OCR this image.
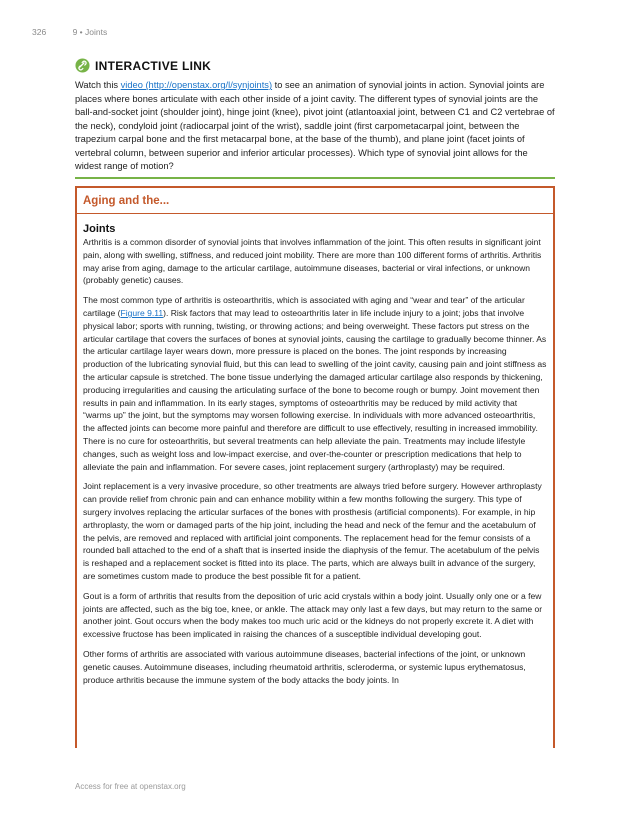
326	9 • Joints
INTERACTIVE LINK

Watch this video (http://openstax.org/l/synjoints) to see an animation of synovial joints in action. Synovial joints are places where bones articulate with each other inside of a joint cavity. The different types of synovial joints are the ball-and-socket joint (shoulder joint), hinge joint (knee), pivot joint (atlantoaxial joint, between C1 and C2 vertebrae of the neck), condyloid joint (radiocarpal joint of the wrist), saddle joint (first carpometacarpal joint, between the trapezium carpal bone and the first metacarpal bone, at the base of the thumb), and plane joint (facet joints of vertebral column, between superior and inferior articular processes). Which type of synovial joint allows for the widest range of motion?

Aging and the...
Joints

Arthritis is a common disorder of synovial joints that involves inflammation of the joint. This often results in significant joint pain, along with swelling, stiffness, and reduced joint mobility. There are more than 100 different forms of arthritis. Arthritis may arise from aging, damage to the articular cartilage, autoimmune diseases, bacterial or viral infections, or unknown (probably genetic) causes.

The most common type of arthritis is osteoarthritis, which is associated with aging and “wear and tear” of the articular cartilage (Figure 9.11). Risk factors that may lead to osteoarthritis later in life include injury to a joint; jobs that involve physical labor; sports with running, twisting, or throwing actions; and being overweight. These factors put stress on the articular cartilage that covers the surfaces of bones at synovial joints, causing the cartilage to gradually become thinner. As the articular cartilage layer wears down, more pressure is placed on the bones. The joint responds by increasing production of the lubricating synovial fluid, but this can lead to swelling of the joint cavity, causing pain and joint stiffness as the articular capsule is stretched. The bone tissue underlying the damaged articular cartilage also responds by thickening, producing irregularities and causing the articulating surface of the bone to become rough or bumpy. Joint movement then results in pain and inflammation. In its early stages, symptoms of osteoarthritis may be reduced by mild activity that “warms up” the joint, but the symptoms may worsen following exercise. In individuals with more advanced osteoarthritis, the affected joints can become more painful and therefore are difficult to use effectively, resulting in increased immobility. There is no cure for osteoarthritis, but several treatments can help alleviate the pain. Treatments may include lifestyle changes, such as weight loss and low-impact exercise, and over-the-counter or prescription medications that help to alleviate the pain and inflammation. For severe cases, joint replacement surgery (arthroplasty) may be required.

Joint replacement is a very invasive procedure, so other treatments are always tried before surgery. However arthroplasty can provide relief from chronic pain and can enhance mobility within a few months following the surgery. This type of surgery involves replacing the articular surfaces of the bones with prosthesis (artificial components). For example, in hip arthroplasty, the worn or damaged parts of the hip joint, including the head and neck of the femur and the acetabulum of the pelvis, are removed and replaced with artificial joint components. The replacement head for the femur consists of a rounded ball attached to the end of a shaft that is inserted inside the diaphysis of the femur. The acetabulum of the pelvis is reshaped and a replacement socket is fitted into its place. The parts, which are always built in advance of the surgery, are sometimes custom made to produce the best possible fit for a patient.

Gout is a form of arthritis that results from the deposition of uric acid crystals within a body joint. Usually only one or a few joints are affected, such as the big toe, knee, or ankle. The attack may only last a few days, but may return to the same or another joint. Gout occurs when the body makes too much uric acid or the kidneys do not properly excrete it. A diet with excessive fructose has been implicated in raising the chances of a susceptible individual developing gout.

Other forms of arthritis are associated with various autoimmune diseases, bacterial infections of the joint, or unknown genetic causes. Autoimmune diseases, including rheumatoid arthritis, scleroderma, or systemic lupus erythematosus, produce arthritis because the immune system of the body attacks the body joints. In

Access for free at openstax.org
